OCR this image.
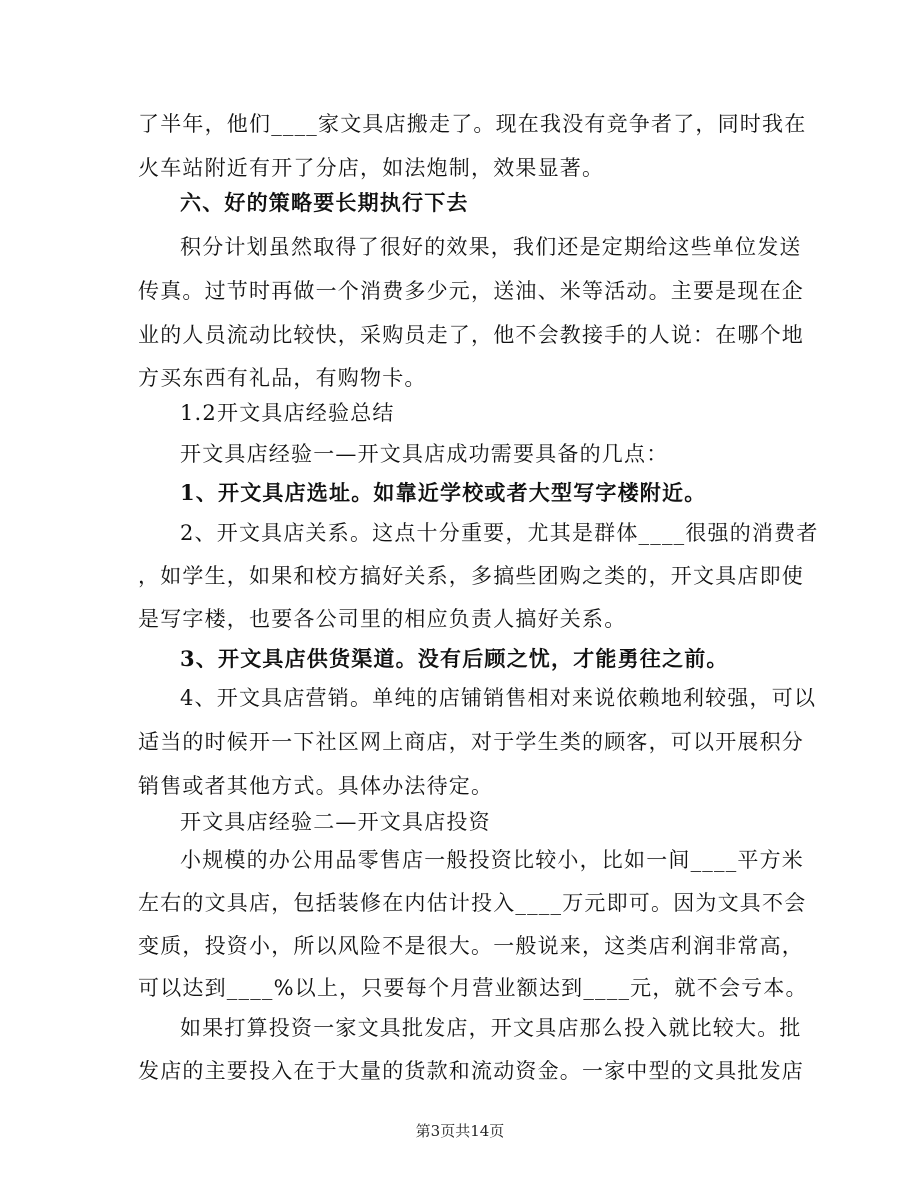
了半年，他们____家文具店搬走了。现在我没有竞争者了，同时我在
火车站附近有开了分店，如法炮制，效果显著。
六、好的策略要长期执行下去
积分计划虽然取得了很好的效果，我们还是定期给这些单位发送
传真。过节时再做一个消费多少元，送油、米等活动。主要是现在企
业的人员流动比较快，采购员走了，他不会教接手的人说：在哪个地
方买东西有礼品，有购物卡。
1.2开文具店经验总结
开文具店经验一—开文具店成功需要具备的几点：
1、开文具店选址。如靠近学校或者大型写字楼附近。
2、开文具店关系。这点十分重要，尤其是群体____很强的消费者
，如学生，如果和校方搞好关系，多搞些团购之类的，开文具店即使
是写字楼，也要各公司里的相应负责人搞好关系。
3、开文具店供货渠道。没有后顾之忧，才能勇往之前。
4、开文具店营销。单纯的店铺销售相对来说依赖地利较强，可以
适当的时候开一下社区网上商店，对于学生类的顾客，可以开展积分
销售或者其他方式。具体办法待定。
开文具店经验二—开文具店投资
小规模的办公用品零售店一般投资比较小，比如一间____平方米
左右的文具店，包括装修在内估计投入____万元即可。因为文具不会
变质，投资小，所以风险不是很大。一般说来，这类店利润非常高，
可以达到____%以上，只要每个月营业额达到____元，就不会亏本。
如果打算投资一家文具批发店，开文具店那么投入就比较大。批
发店的主要投入在于大量的货款和流动资金。一家中型的文具批发店
第3页共14页
